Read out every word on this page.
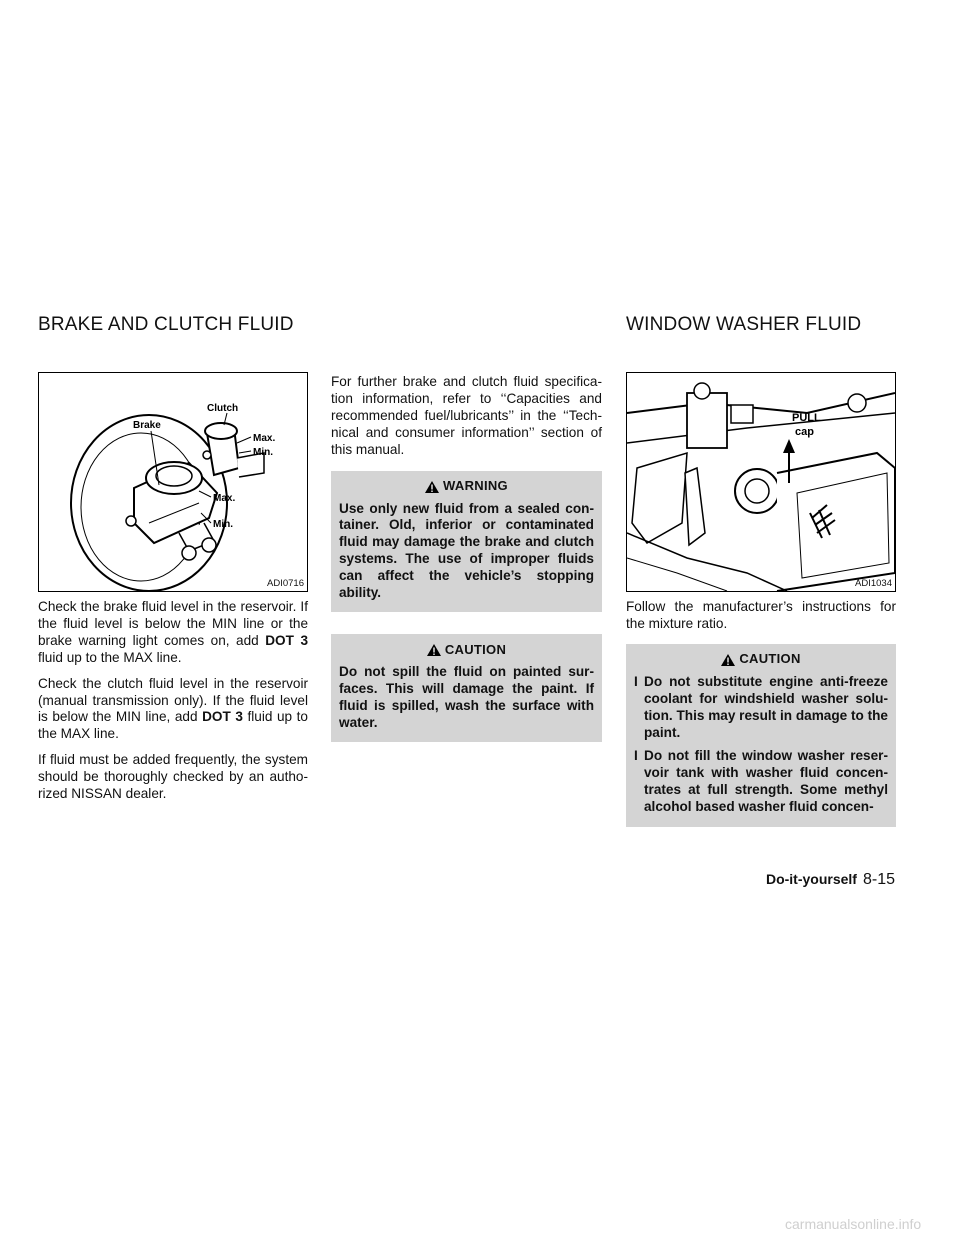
BRAKE AND CLUTCH FLUID	WINDOW WASHER FLUID
Brake
Clutch
Max.
Min.
Max.
Min.
ADI0716
PULL
cap
ADI1034

Check the brake fluid level in the reservoir. If the fluid level is below the MIN line or the brake warning light comes on, add DOT 3 fluid up to the MAX line.

Check the clutch fluid level in the reservoir (manual transmission only). If the fluid level is below the MIN line, add DOT 3 fluid up to the MAX line.

If fluid must be added frequently, the system should be thoroughly checked by an autho-rized NISSAN dealer.

For further brake and clutch fluid specifica-tion information, refer to ‘‘Capacities and recommended fuel/lubricants’’ in the ‘‘Tech-nical and consumer information’’ section of this manual.

WARNING
Use only new fluid from a sealed con-tainer. Old, inferior or contaminated fluid may damage the brake and clutch systems. The use of improper fluids can affect the vehicle’s stopping ability.
CAUTION
Do not spill the fluid on painted sur-faces. This will damage the paint. If fluid is spilled, wash the surface with water.

Follow the manufacturer’s instructions for the mixture ratio.

CAUTION
I Do not substitute engine anti-freeze coolant for windshield washer solu-tion. This may result in damage to the paint.
I Do not fill the window washer reser-voir tank with washer fluid concen-trates at full strength. Some methyl alcohol based washer fluid concen-
Do-it-yourself 8-15
carmanualsonline.info
